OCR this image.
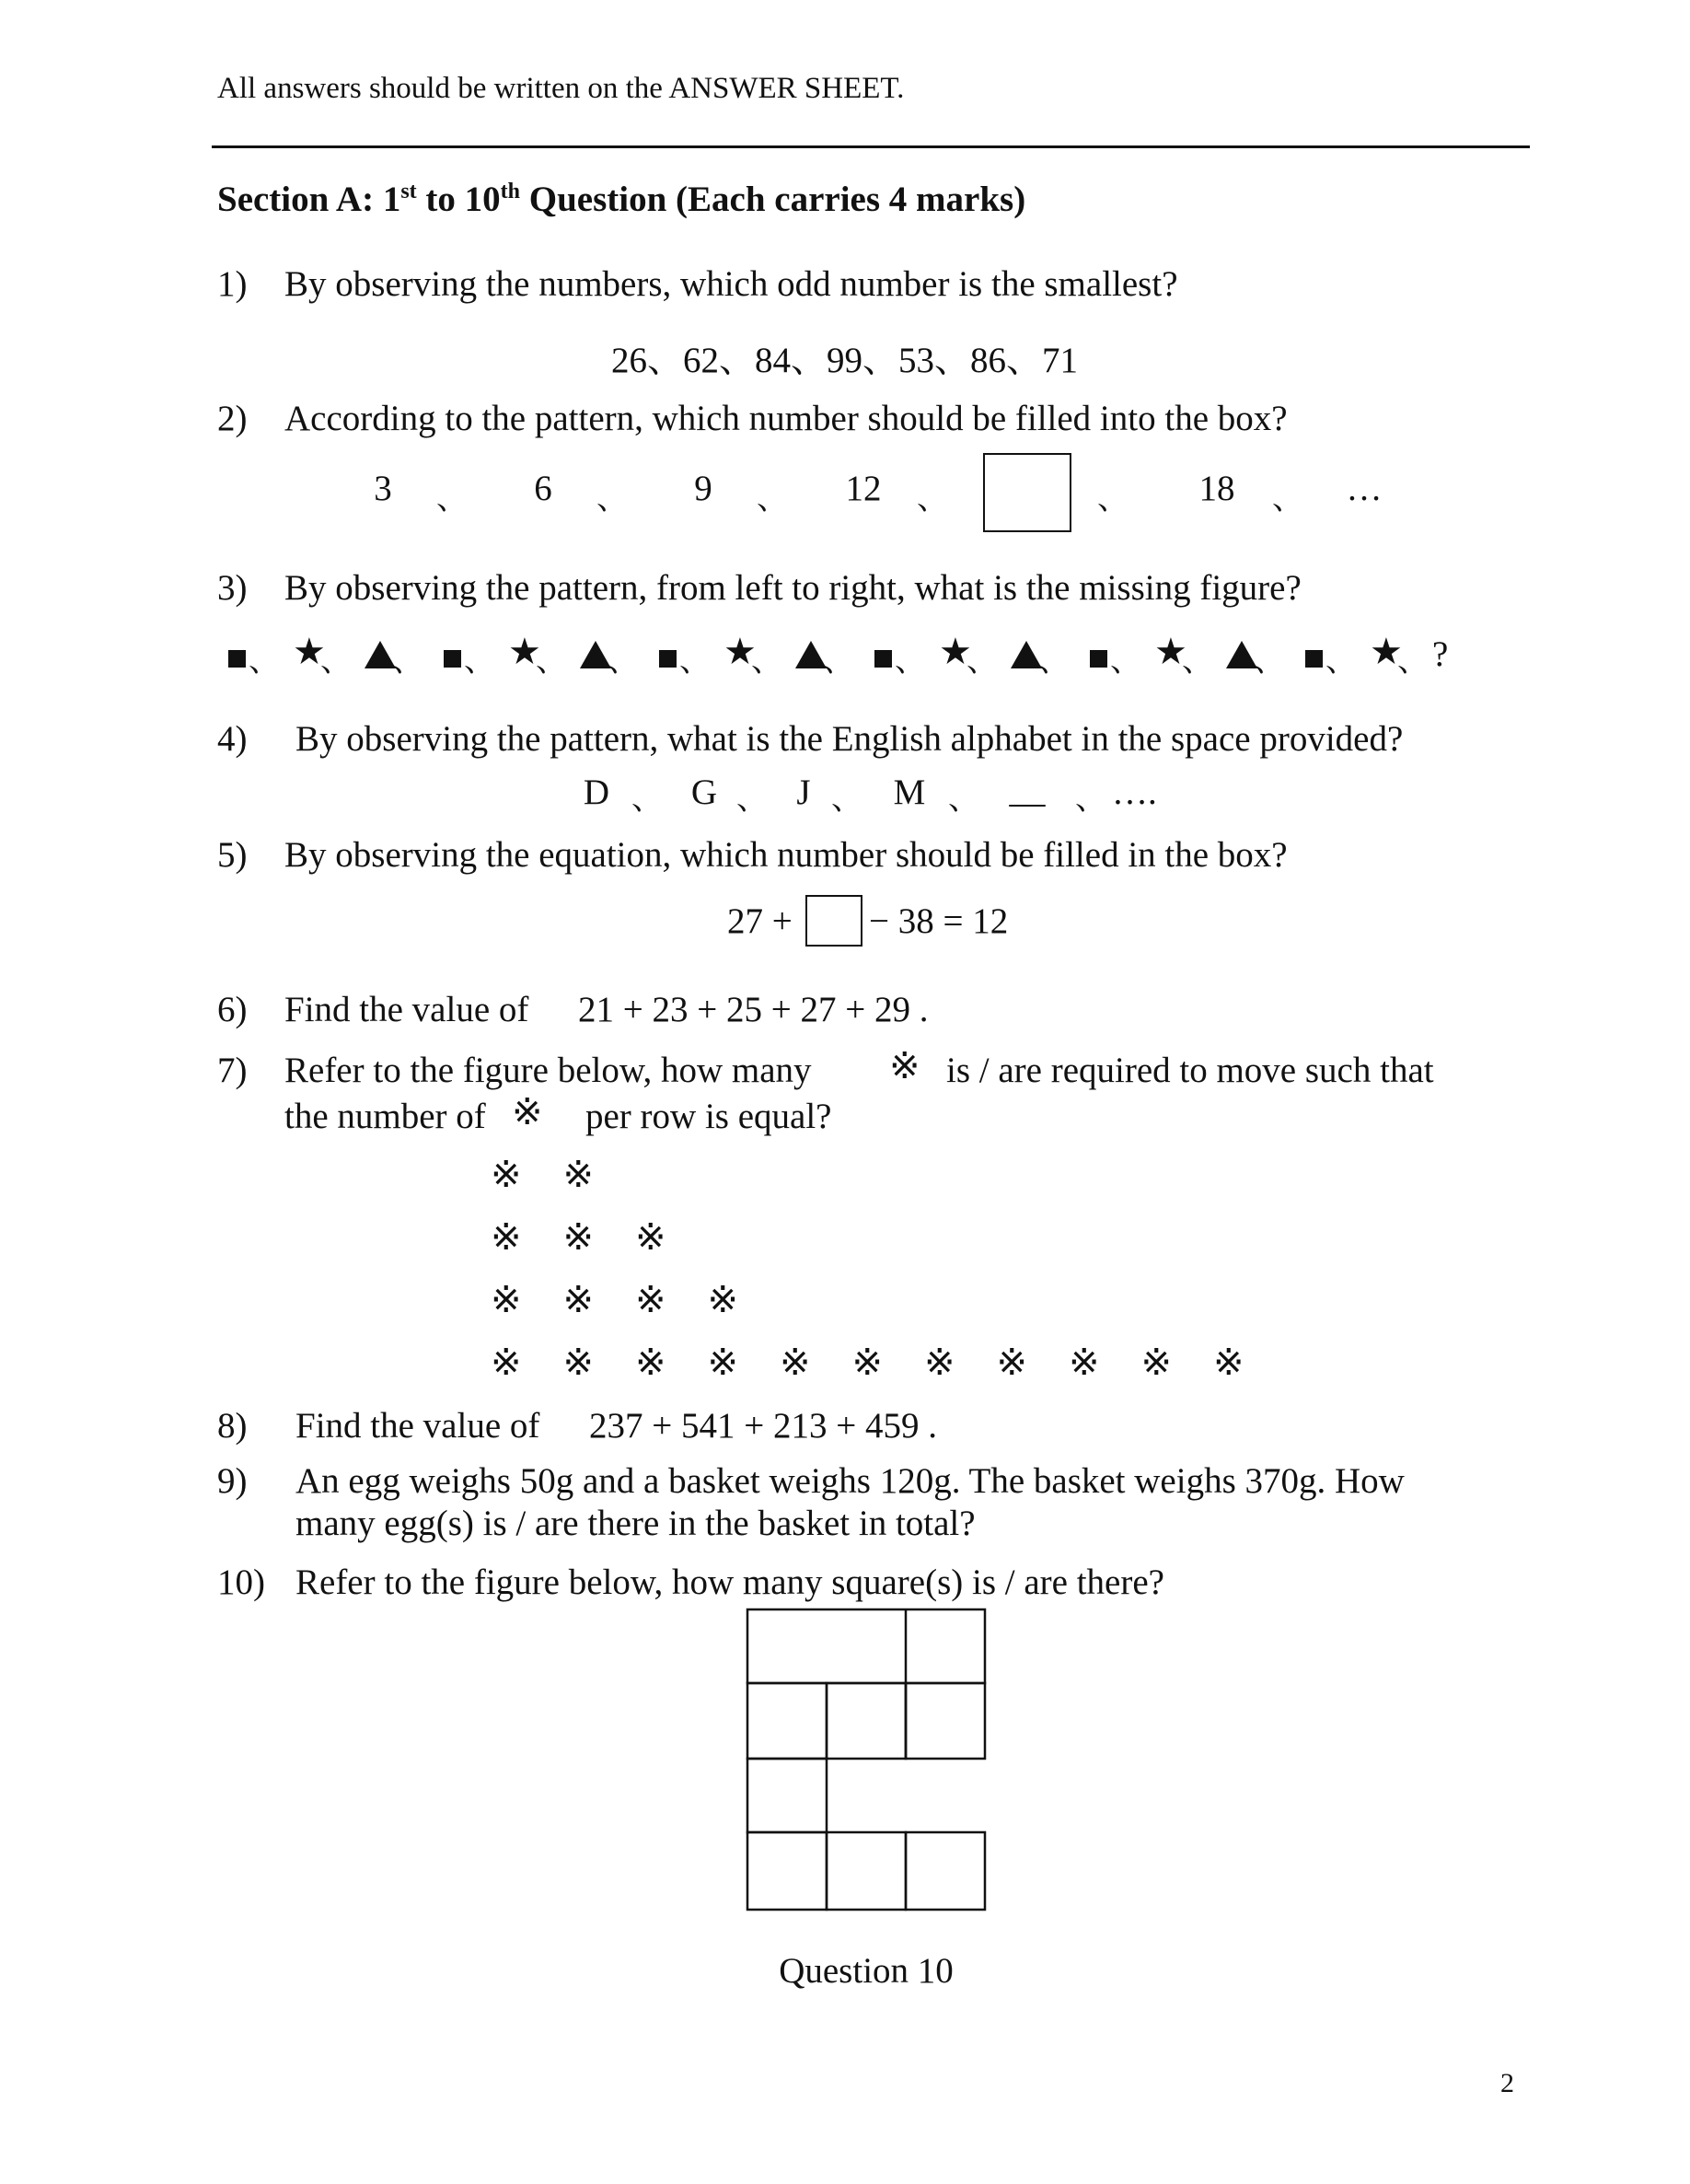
All answers should be written on the ANSWER SHEET.
Section A: 1st to 10th Question (Each carries 4 marks)
1) By observing the numbers, which odd number is the smallest?
26、62、84、99、53、86、71
2) According to the pattern, which number should be filled into the box?
3	6	9	12	18	…
、	、	、	、	、	、
3) By observing the pattern, from left to right, what is the missing figure?
、 ★
、 、 、 ★
、 、 、 ★
、 、 、 ★
、 、 、 ★
、 、 、 ★
、 ?
4) By observing the pattern, what is the English alphabet in the space provided?
D G J M __ ….
、 、 、	、	、
5) By observing the equation, which number should be filled in the box?
27 + − 38 = 12
6) Find the value of 21 + 23 + 25 + 27 + 29 .
7) Refer to the figure below, how many ※ is / are required to move such that
the number of ※ per row is equal?
※ ※
※ ※ ※
※ ※ ※ ※
※ ※ ※ ※ ※ ※ ※ ※ ※ ※ ※
8) Find the value of 237 + 541 + 213 + 459 .
9) An egg weighs 50g and a basket weighs 120g. The basket weighs 370g. How
many egg(s) is / are there in the basket in total?
10) Refer to the figure below, how many square(s) is / are there?
Question 10
2
